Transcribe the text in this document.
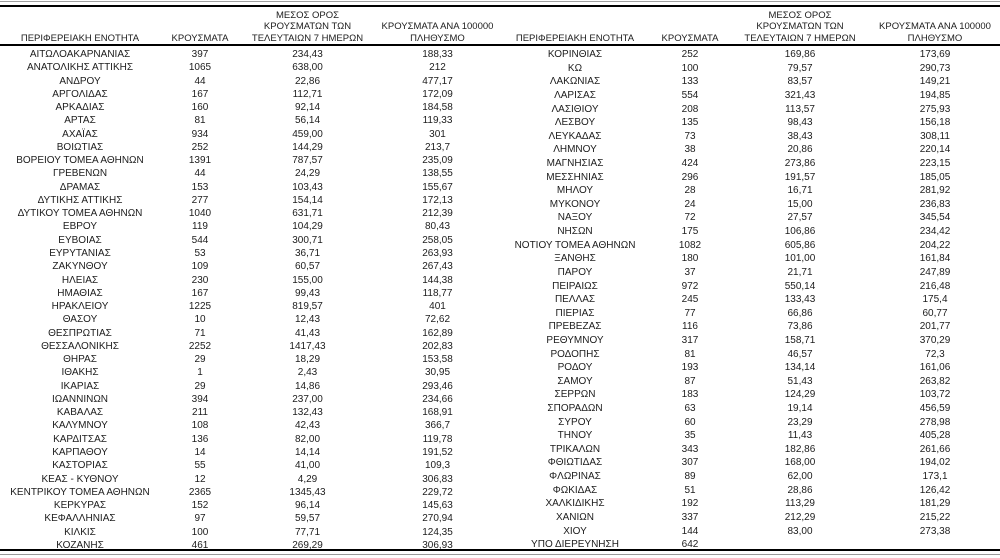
ΠΕΡΙΦΕΡΕΙΑΚΗ ΕΝΟΤΗΤΑ	ΚΡΟΥΣΜΑΤΑ

ΜΕΣΟΣ ΟΡΟΣ
ΚΡΟΥΣΜΑΤΩΝ ΤΩΝ
ΤΕΛΕΥΤΑΙΩΝ 7 ΗΜΕΡΩΝ

ΚΡΟΥΣΜΑΤΑ ΑΝΑ 100000
ΠΛΗΘΥΣΜΟ

ΑΙΤΩΛΟΑΚΑΡΝΑΝΙΑΣ	397	234,43	188,33
ΑΝΑΤΟΛΙΚΗΣ ΑΤΤΙΚΗΣ	1065	638,00	212
ΑΝΔΡΟΥ	44	22,86	477,17
ΑΡΓΟΛΙΔΑΣ	167	112,71	172,09
ΑΡΚΑΔΙΑΣ	160	92,14	184,58
ΑΡΤΑΣ	81	56,14	119,33
ΑΧΑΪΑΣ	934	459,00	301
ΒΟΙΩΤΙΑΣ	252	144,29	213,7
ΒΟΡΕΙΟΥ ΤΟΜΕΑ ΑΘΗΝΩΝ	1391	787,57	235,09
ΓΡΕΒΕΝΩΝ	44	24,29	138,55
ΔΡΑΜΑΣ	153	103,43	155,67
ΔΥΤΙΚΗΣ ΑΤΤΙΚΗΣ	277	154,14	172,13
ΔΥΤΙΚΟΥ ΤΟΜΕΑ ΑΘΗΝΩΝ	1040	631,71	212,39
ΕΒΡΟΥ	119	104,29	80,43
ΕΥΒΟΙΑΣ	544	300,71	258,05
ΕΥΡΥΤΑΝΙΑΣ	53	36,71	263,93
ΖΑΚΥΝΘΟΥ	109	60,57	267,43
ΗΛΕΙΑΣ	230	155,00	144,38
ΗΜΑΘΙΑΣ	167	99,43	118,77
ΗΡΑΚΛΕΙΟΥ	1225	819,57	401
ΘΑΣΟΥ	10	12,43	72,62
ΘΕΣΠΡΩΤΙΑΣ	71	41,43	162,89
ΘΕΣΣΑΛΟΝΙΚΗΣ	2252	1417,43	202,83
ΘΗΡΑΣ	29	18,29	153,58
ΙΘΑΚΗΣ	1	2,43	30,95
ΙΚΑΡΙΑΣ	29	14,86	293,46
ΙΩΑΝΝΙΝΩΝ	394	237,00	234,66
ΚΑΒΑΛΑΣ	211	132,43	168,91
ΚΑΛΥΜΝΟΥ	108	42,43	366,7
ΚΑΡΔΙΤΣΑΣ	136	82,00	119,78
ΚΑΡΠΑΘΟΥ	14	14,14	191,52
ΚΑΣΤΟΡΙΑΣ	55	41,00	109,3
ΚΕΑΣ - ΚΥΘΝΟΥ	12	4,29	306,83
ΚΕΝΤΡΙΚΟΥ ΤΟΜΕΑ ΑΘΗΝΩΝ	2365	1345,43	229,72
ΚΕΡΚΥΡΑΣ	152	96,14	145,63
ΚΕΦΑΛΛΗΝΙΑΣ	97	59,57	270,94
ΚΙΛΚΙΣ	100	77,71	124,35
ΚΟΖΑΝΗΣ	461	269,29	306,93
ΠΕΡΙΦΕΡΕΙΑΚΗ ΕΝΟΤΗΤΑ	ΚΡΟΥΣΜΑΤΑ

ΜΕΣΟΣ ΟΡΟΣ
ΚΡΟΥΣΜΑΤΩΝ ΤΩΝ
ΤΕΛΕΥΤΑΙΩΝ 7 ΗΜΕΡΩΝ

ΚΡΟΥΣΜΑΤΑ ΑΝΑ 100000
ΠΛΗΘΥΣΜΟ

ΚΟΡΙΝΘΙΑΣ	252	169,86	173,69
ΚΩ	100	79,57	290,73
ΛΑΚΩΝΙΑΣ	133	83,57	149,21
ΛΑΡΙΣΑΣ	554	321,43	194,85
ΛΑΣΙΘΙΟΥ	208	113,57	275,93
ΛΕΣΒΟΥ	135	98,43	156,18
ΛΕΥΚΑΔΑΣ	73	38,43	308,11
ΛΗΜΝΟΥ	38	20,86	220,14
ΜΑΓΝΗΣΙΑΣ	424	273,86	223,15
ΜΕΣΣΗΝΙΑΣ	296	191,57	185,05
ΜΗΛΟΥ	28	16,71	281,92
ΜΥΚΟΝΟΥ	24	15,00	236,83
ΝΑΞΟΥ	72	27,57	345,54
ΝΗΣΩΝ	175	106,86	234,42
ΝΟΤΙΟΥ ΤΟΜΕΑ ΑΘΗΝΩΝ	1082	605,86	204,22
ΞΑΝΘΗΣ	180	101,00	161,84
ΠΑΡΟΥ	37	21,71	247,89
ΠΕΙΡΑΙΩΣ	972	550,14	216,48
ΠΕΛΛΑΣ	245	133,43	175,4
ΠΙΕΡΙΑΣ	77	66,86	60,77
ΠΡΕΒΕΖΑΣ	116	73,86	201,77
ΡΕΘΥΜΝΟΥ	317	158,71	370,29
ΡΟΔΟΠΗΣ	81	46,57	72,3
ΡΟΔΟΥ	193	134,14	161,06
ΣΑΜΟΥ	87	51,43	263,82
ΣΕΡΡΩΝ	183	124,29	103,72
ΣΠΟΡΑΔΩΝ	63	19,14	456,59
ΣΥΡΟΥ	60	23,29	278,98
ΤΗΝΟΥ	35	11,43	405,28
ΤΡΙΚΑΛΩΝ	343	182,86	261,66
ΦΘΙΩΤΙΔΑΣ	307	168,00	194,02
ΦΛΩΡΙΝΑΣ	89	62,00	173,1
ΦΩΚΙΔΑΣ	51	28,86	126,42
ΧΑΛΚΙΔΙΚΗΣ	192	113,29	181,29
ΧΑΝΙΩΝ	337	212,29	215,22
ΧΙΟΥ	144	83,00	273,38
ΥΠΟ ΔΙΕΡΕΥΝΗΣΗ	642		
